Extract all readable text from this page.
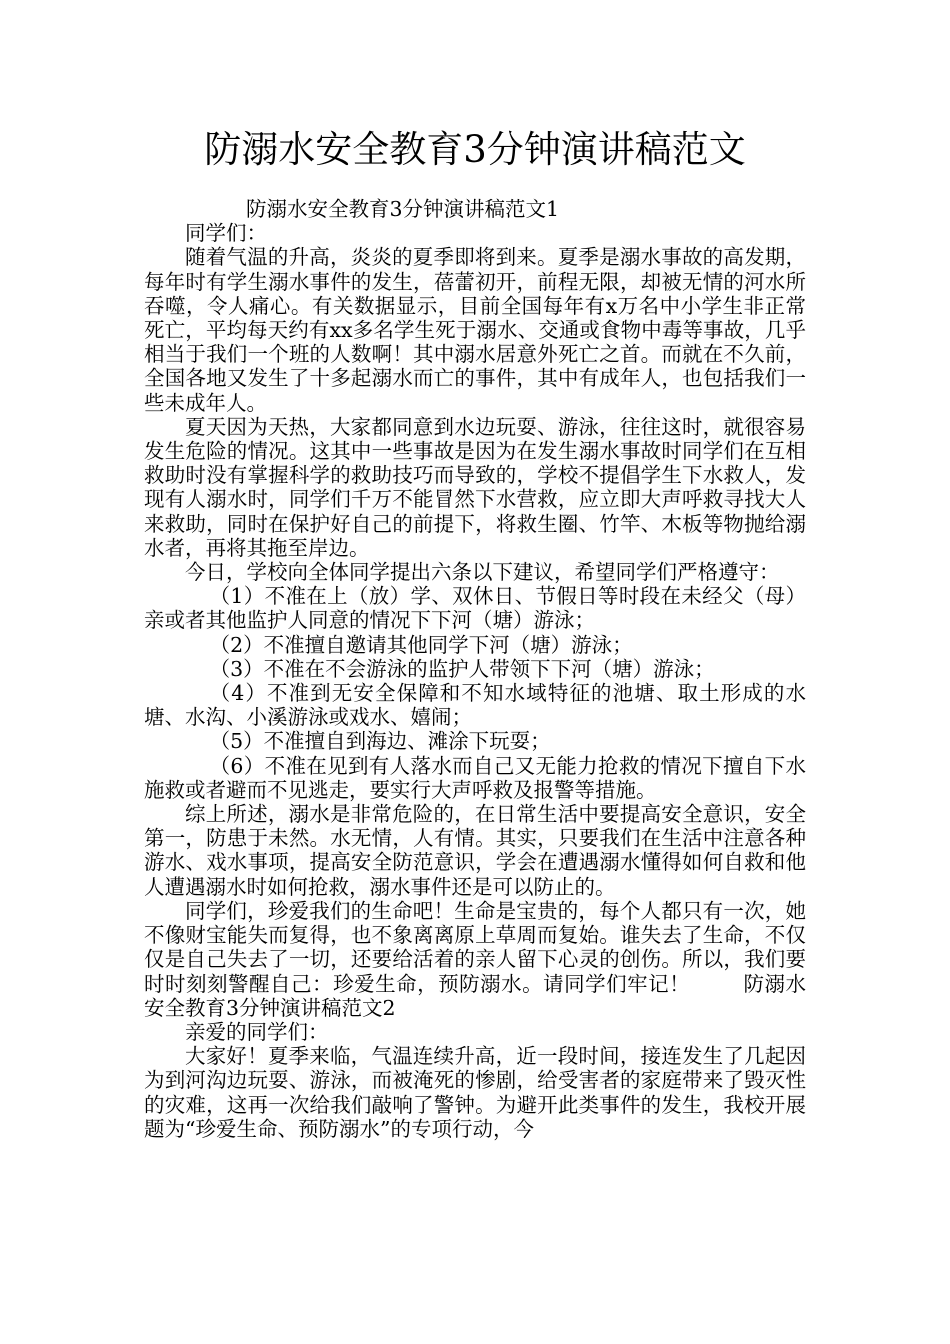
防溺水安全教育3分钟演讲稿范文

防溺水安全教育3分钟演讲稿范文1

同学们：

随着气温的升高，炎炎的夏季即将到来。夏季是溺水事故的高发期，每年时有学生溺水事件的发生，蓓蕾初开，前程无限，却被无情的河水所吞噬，令人痛心。有关数据显示，目前全国每年有x万名中小学生非正常死亡，平均每天约有xx多名学生死于溺水、交通或食物中毒等事故，几乎相当于我们一个班的人数啊！其中溺水居意外死亡之首。而就在不久前，全国各地又发生了十多起溺水而亡的事件，其中有成年人，也包括我们一些未成年人。

夏天因为天热，大家都同意到水边玩耍、游泳，往往这时，就很容易发生危险的情况。这其中一些事故是因为在发生溺水事故时同学们在互相救助时没有掌握科学的救助技巧而导致的，学校不提倡学生下水救人，发现有人溺水时，同学们千万不能冒然下水营救，应立即大声呼救寻找大人来救助，同时在保护好自己的前提下，将救生圈、竹竿、木板等物抛给溺水者，再将其拖至岸边。

今日，学校向全体同学提出六条以下建议，希望同学们严格遵守：

（1）不准在上（放）学、双休日、节假日等时段在未经父（母）亲或者其他监护人同意的情况下下河（塘）游泳；

（2）不准擅自邀请其他同学下河（塘）游泳；

（3）不准在不会游泳的监护人带领下下河（塘）游泳；

（4）不准到无安全保障和不知水域特征的池塘、取土形成的水塘、水沟、小溪游泳或戏水、嬉闹；

（5）不准擅自到海边、滩涂下玩耍；

（6）不准在见到有人落水而自己又无能力抢救的情况下擅自下水施救或者避而不见逃走，要实行大声呼救及报警等措施。

综上所述，溺水是非常危险的，在日常生活中要提高安全意识，安全第一，防患于未然。水无情，人有情。其实，只要我们在生活中注意各种游水、戏水事项，提高安全防范意识，学会在遭遇溺水懂得如何自救和他人遭遇溺水时如何抢救，溺水事件还是可以防止的。

同学们，珍爱我们的生命吧！生命是宝贵的，每个人都只有一次，她不像财宝能失而复得，也不象离离原上草周而复始。谁失去了生命，不仅仅是自己失去了一切，还要给活着的亲人留下心灵的创伤。所以，我们要时时刻刻警醒自己：珍爱生命，预防溺水。请同学们牢记！	防溺水安全教育3分钟演讲稿范文2

亲爱的同学们：

大家好！夏季来临，气温连续升高，近一段时间，接连发生了几起因为到河沟边玩耍、游泳，而被淹死的惨剧，给受害者的家庭带来了毁灭性的灾难，这再一次给我们敲响了警钟。为避开此类事件的发生，我校开展题为“珍爱生命、预防溺水”的专项行动，今
